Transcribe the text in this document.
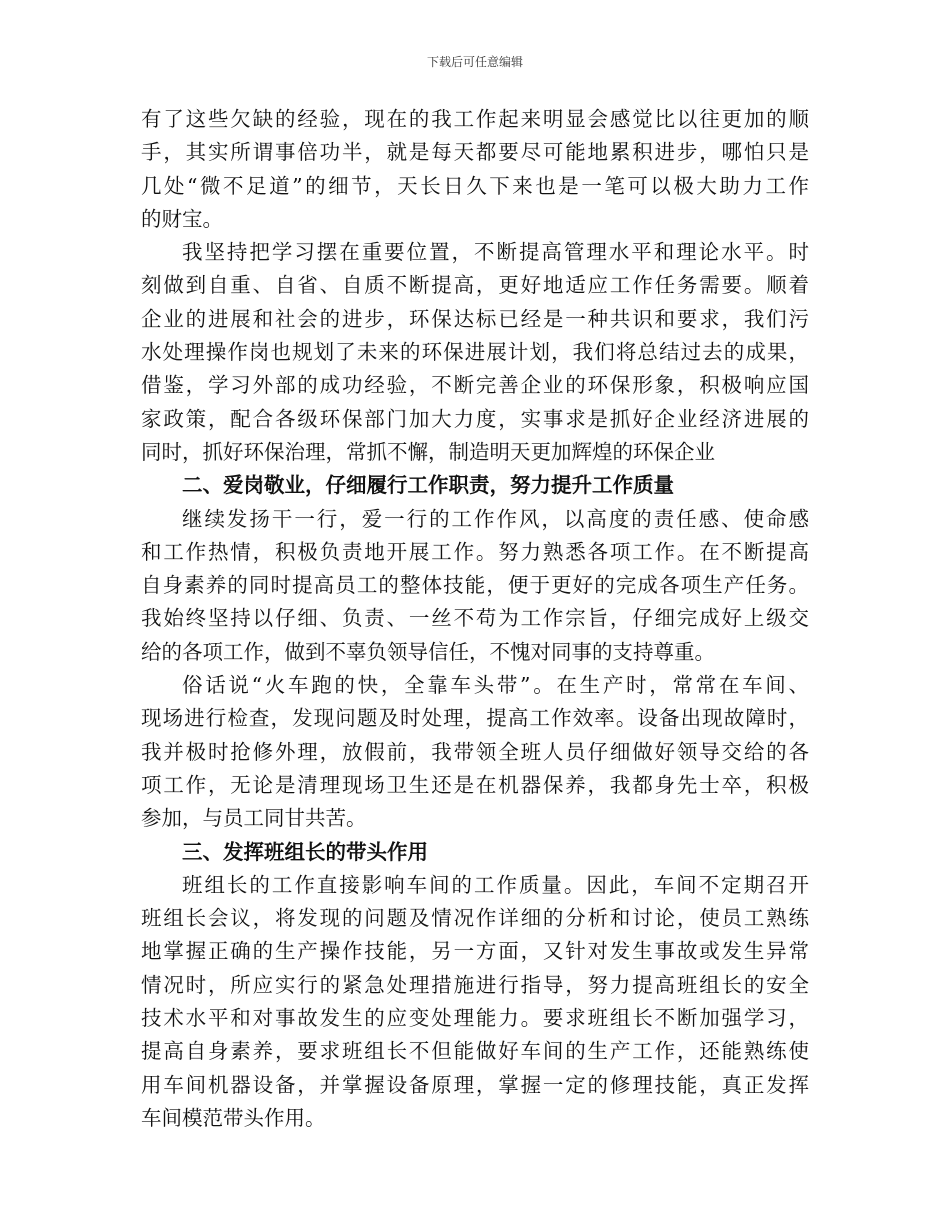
下载后可任意编辑
有了这些欠缺的经验，现在的我工作起来明显会感觉比以往更加的顺
手，其实所谓事倍功半，就是每天都要尽可能地累积进步，哪怕只是
几处“微不足道”的细节，天长日久下来也是一笔可以极大助力工作
的财宝。
我坚持把学习摆在重要位置，不断提高管理水平和理论水平。时
刻做到自重、自省、自质不断提高，更好地适应工作任务需要。顺着
企业的进展和社会的进步，环保达标已经是一种共识和要求，我们污
水处理操作岗也规划了未来的环保进展计划，我们将总结过去的成果，
借鉴，学习外部的成功经验，不断完善企业的环保形象，积极响应国
家政策，配合各级环保部门加大力度，实事求是抓好企业经济进展的
同时，抓好环保治理，常抓不懈，制造明天更加辉煌的环保企业
二、爱岗敬业，仔细履行工作职责，努力提升工作质量
继续发扬干一行，爱一行的工作作风，以高度的责任感、使命感
和工作热情，积极负责地开展工作。努力熟悉各项工作。在不断提高
自身素养的同时提高员工的整体技能，便于更好的完成各项生产任务。
我始终坚持以仔细、负责、一丝不苟为工作宗旨，仔细完成好上级交
给的各项工作，做到不辜负领导信任，不愧对同事的支持尊重。
俗话说“火车跑的快，全靠车头带”。在生产时，常常在车间、
现场进行检查，发现问题及时处理，提高工作效率。设备出现故障时，
我并极时抢修外理，放假前，我带领全班人员仔细做好领导交给的各
项工作，无论是清理现场卫生还是在机器保养，我都身先士卒，积极
参加，与员工同甘共苦。
三、发挥班组长的带头作用
班组长的工作直接影响车间的工作质量。因此，车间不定期召开
班组长会议，将发现的问题及情况作详细的分析和讨论，使员工熟练
地掌握正确的生产操作技能，另一方面，又针对发生事故或发生异常
情况时，所应实行的紧急处理措施进行指导，努力提高班组长的安全
技术水平和对事故发生的应变处理能力。要求班组长不断加强学习，
提高自身素养，要求班组长不但能做好车间的生产工作，还能熟练使
用车间机器设备，并掌握设备原理，掌握一定的修理技能，真正发挥
车间模范带头作用。
